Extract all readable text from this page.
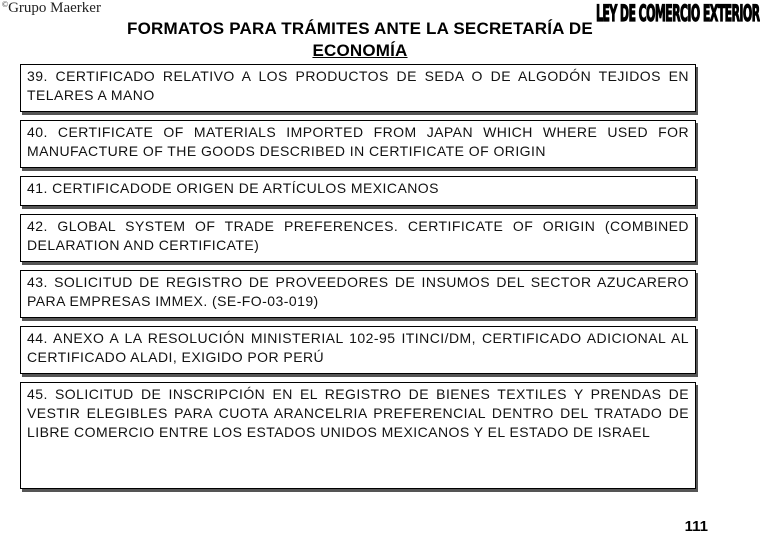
©Grupo Maerker
FORMATOS PARA TRÁMITES ANTE LA SECRETARÍA DE
ECONOMÍA
LEY DE COMERCIO EXTERIOR
39. CERTIFICADO RELATIVO A LOS PRODUCTOS DE SEDA O DE ALGODÓN TEJIDOS EN TELARES A MANO
40. CERTIFICATE OF MATERIALS IMPORTED FROM JAPAN WHICH WHERE USED FOR MANUFACTURE OF THE GOODS DESCRIBED IN CERTIFICATE OF ORIGIN
41. CERTIFICADODE ORIGEN DE ARTÍCULOS MEXICANOS
42. GLOBAL SYSTEM OF TRADE PREFERENCES. CERTIFICATE OF ORIGIN (COMBINED DELARATION AND CERTIFICATE)
43. SOLICITUD DE REGISTRO DE PROVEEDORES DE INSUMOS DEL SECTOR AZUCARERO PARA EMPRESAS IMMEX. (SE-FO-03-019)
44. ANEXO A LA RESOLUCIÓN MINISTERIAL 102-95 ITINCI/DM, CERTIFICADO ADICIONAL AL CERTIFICADO ALADI, EXIGIDO POR PERÚ
45. SOLICITUD DE INSCRIPCIÓN EN EL REGISTRO DE BIENES TEXTILES Y PRENDAS DE VESTIR ELEGIBLES PARA CUOTA ARANCELRIA PREFERENCIAL DENTRO DEL TRATADO DE LIBRE COMERCIO ENTRE LOS ESTADOS UNIDOS MEXICANOS Y EL ESTADO DE ISRAEL
111
